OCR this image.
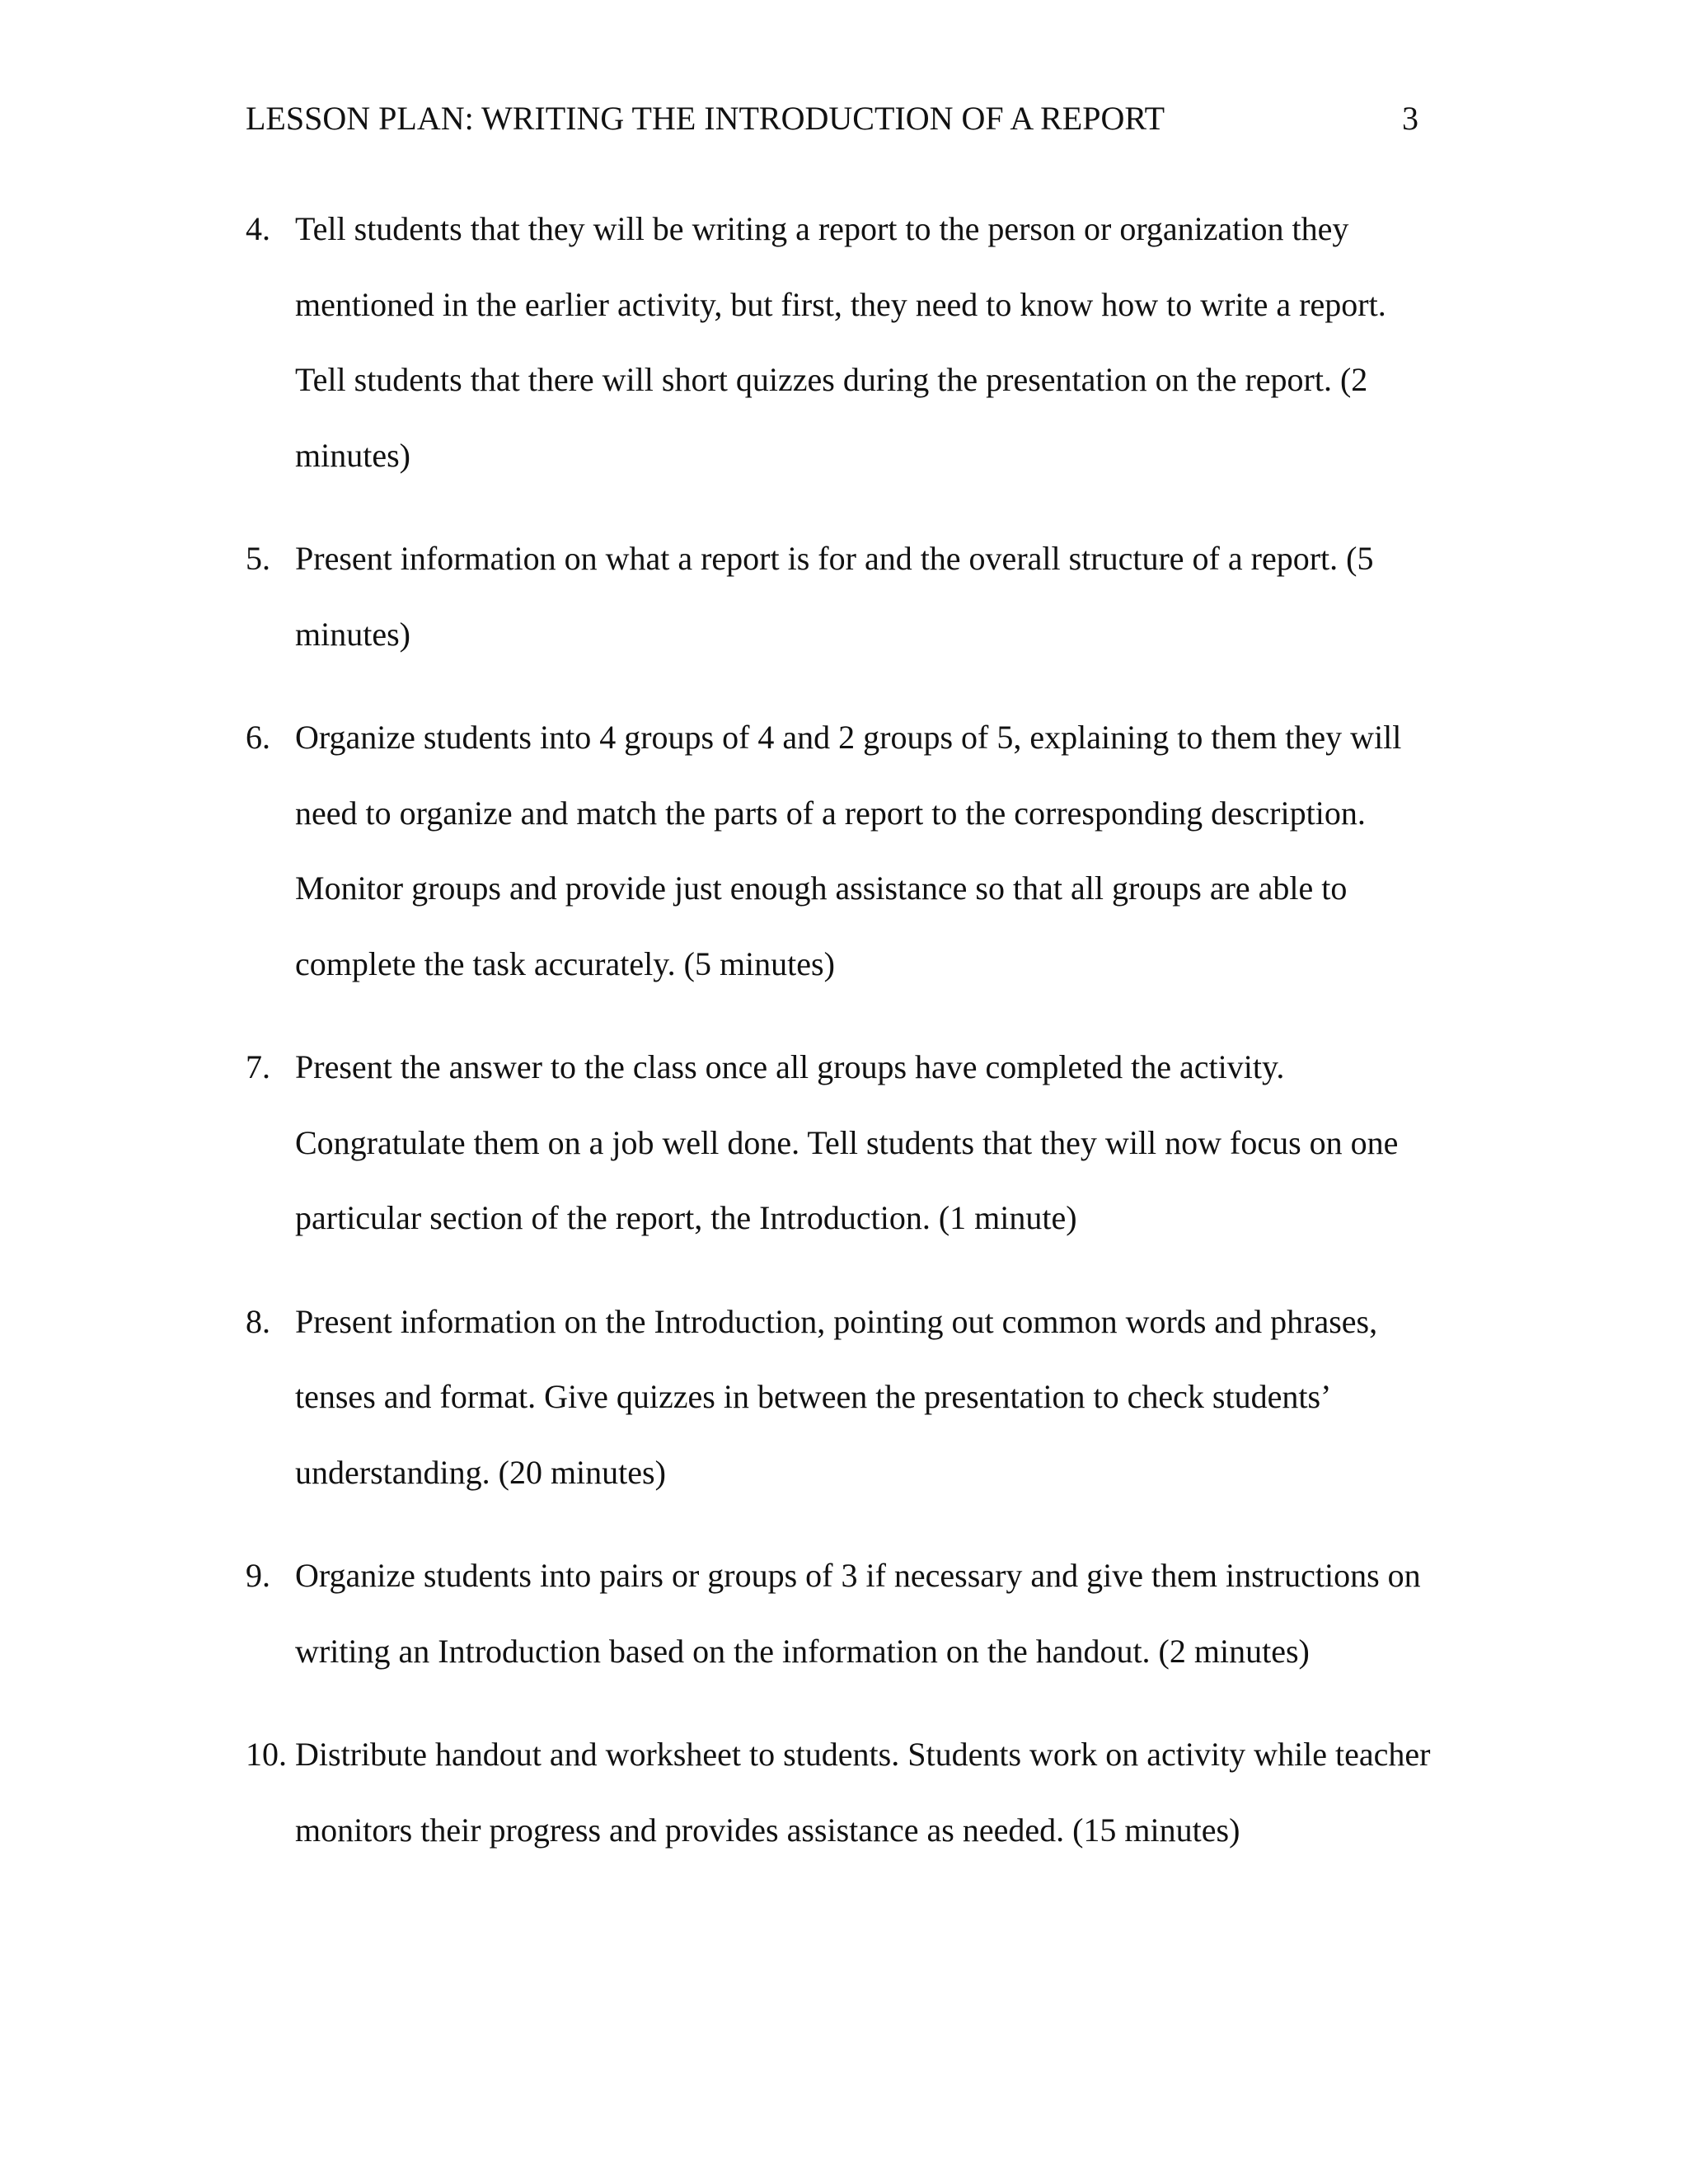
LESSON PLAN: WRITING THE INTRODUCTION OF A REPORT	3
4. Tell students that they will be writing a report to the person or organization they mentioned in the earlier activity, but first, they need to know how to write a report. Tell students that there will short quizzes during the presentation on the report. (2 minutes)
5. Present information on what a report is for and the overall structure of a report. (5 minutes)
6. Organize students into 4 groups of 4 and 2 groups of 5, explaining to them they will need to organize and match the parts of a report to the corresponding description. Monitor groups and provide just enough assistance so that all groups are able to complete the task accurately. (5 minutes)
7. Present the answer to the class once all groups have completed the activity. Congratulate them on a job well done. Tell students that they will now focus on one particular section of the report, the Introduction. (1 minute)
8. Present information on the Introduction, pointing out common words and phrases, tenses and format. Give quizzes in between the presentation to check students’ understanding. (20 minutes)
9. Organize students into pairs or groups of 3 if necessary and give them instructions on writing an Introduction based on the information on the handout. (2 minutes)
10. Distribute handout and worksheet to students. Students work on activity while teacher monitors their progress and provides assistance as needed. (15 minutes)
